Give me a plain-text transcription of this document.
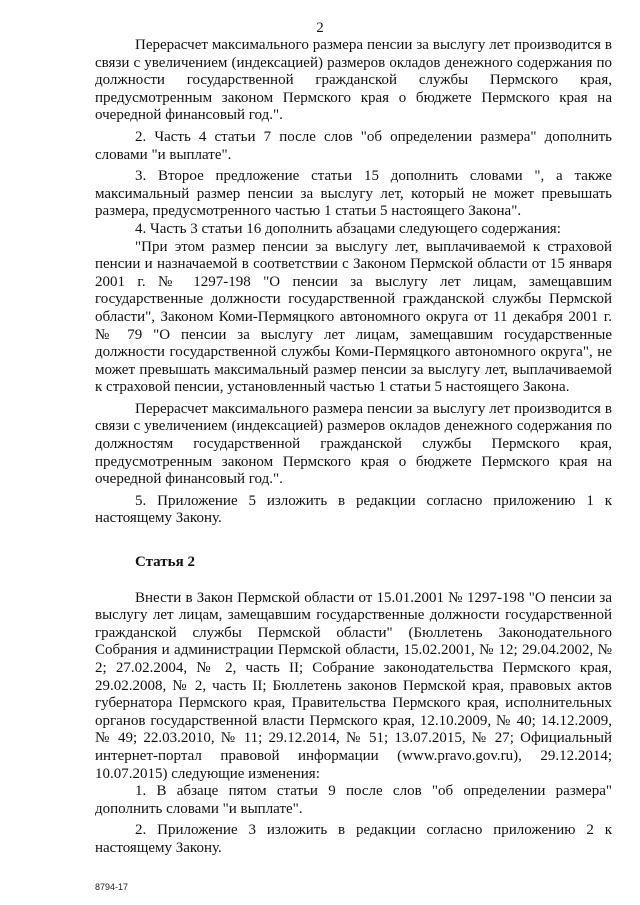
2

Перерасчет максимального размера пенсии за выслугу лет производится в связи с увеличением (индексацией) размеров окладов денежного содержания по должности государственной гражданской службы Пермского края, предусмотренным законом Пермского края о бюджете Пермского края на очередной финансовый год.".

2. Часть 4 статьи 7 после слов "об определении размера" дополнить словами "и выплате".

3. Второе предложение статьи 15 дополнить словами ", а также максимальный размер пенсии за выслугу лет, который не может превышать размера, предусмотренного частью 1 статьи 5 настоящего Закона".

4. Часть 3 статьи 16 дополнить абзацами следующего содержания:

"При этом размер пенсии за выслугу лет, выплачиваемой к страховой пенсии и назначаемой в соответствии с Законом Пермской области от 15 января 2001 г. № 1297-198 "О пенсии за выслугу лет лицам, замещавшим государственные должности государственной гражданской службы Пермской области", Законом Коми-Пермяцкого автономного округа от 11 декабря 2001 г. № 79 "О пенсии за выслугу лет лицам, замещавшим государственные должности государственной службы Коми-Пермяцкого автономного округа", не может превышать максимальный размер пенсии за выслугу лет, выплачиваемой к страховой пенсии, установленный частью 1 статьи 5 настоящего Закона.

Перерасчет максимального размера пенсии за выслугу лет производится в связи с увеличением (индексацией) размеров окладов денежного содержания по должностям государственной гражданской службы Пермского края, предусмотренным законом Пермского края о бюджете Пермского края на очередной финансовый год.".

5. Приложение 5 изложить в редакции согласно приложению 1 к настоящему Закону.

Статья 2

Внести в Закон Пермской области от 15.01.2001 № 1297-198 "О пенсии за выслугу лет лицам, замещавшим государственные должности государственной гражданской службы Пермской области" (Бюллетень Законодательного Собрания и администрации Пермской области, 15.02.2001, № 12; 29.04.2002, № 2; 27.02.2004, № 2, часть II; Собрание законодательства Пермского края, 29.02.2008, № 2, часть II; Бюллетень законов Пермской края, правовых актов губернатора Пермского края, Правительства Пермского края, исполнительных органов государственной власти Пермского края, 12.10.2009, № 40; 14.12.2009, № 49; 22.03.2010, № 11; 29.12.2014, № 51; 13.07.2015, № 27; Официальный интернет-портал правовой информации (www.pravo.gov.ru), 29.12.2014; 10.07.2015) следующие изменения:

1. В абзаце пятом статьи 9 после слов "об определении размера" дополнить словами "и выплате".

2. Приложение 3 изложить в редакции согласно приложению 2 к настоящему Закону.

8794-17
